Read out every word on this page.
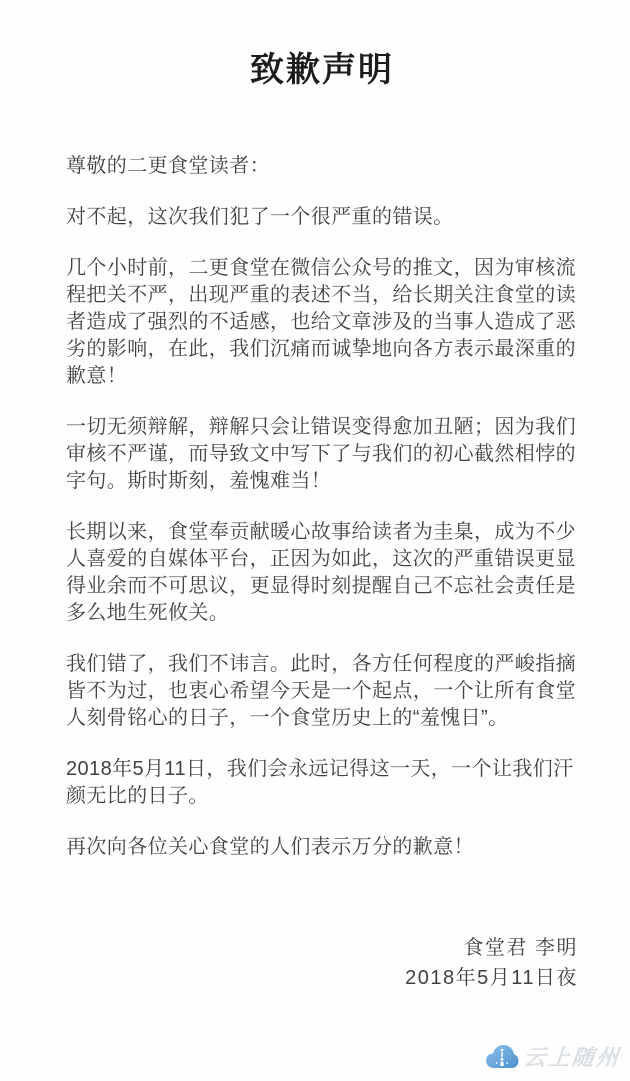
致歉声明

尊敬的二更食堂读者：

对不起，这次我们犯了一个很严重的错误。

几个小时前，二更食堂在微信公众号的推文，因为审核流程把关不严，出现严重的表述不当，给长期关注食堂的读者造成了强烈的不适感，也给文章涉及的当事人造成了恶劣的影响，在此，我们沉痛而诚挚地向各方表示最深重的歉意！

一切无须辩解，辩解只会让错误变得愈加丑陋；因为我们审核不严谨，而导致文中写下了与我们的初心截然相悖的字句。斯时斯刻，羞愧难当！

长期以来，食堂奉贡献暖心故事给读者为圭臬，成为不少人喜爱的自媒体平台，正因为如此，这次的严重错误更显得业余而不可思议，更显得时刻提醒自己不忘社会责任是多么地生死攸关。

我们错了，我们不讳言。此时，各方任何程度的严峻指摘皆不为过，也衷心希望今天是一个起点，一个让所有食堂人刻骨铭心的日子，一个食堂历史上的“羞愧日”。

2018年5月11日，我们会永远记得这一天，一个让我们汗颜无比的日子。

再次向各位关心食堂的人们表示万分的歉意！

食堂君 李明
2018年5月11日夜
云上随州
